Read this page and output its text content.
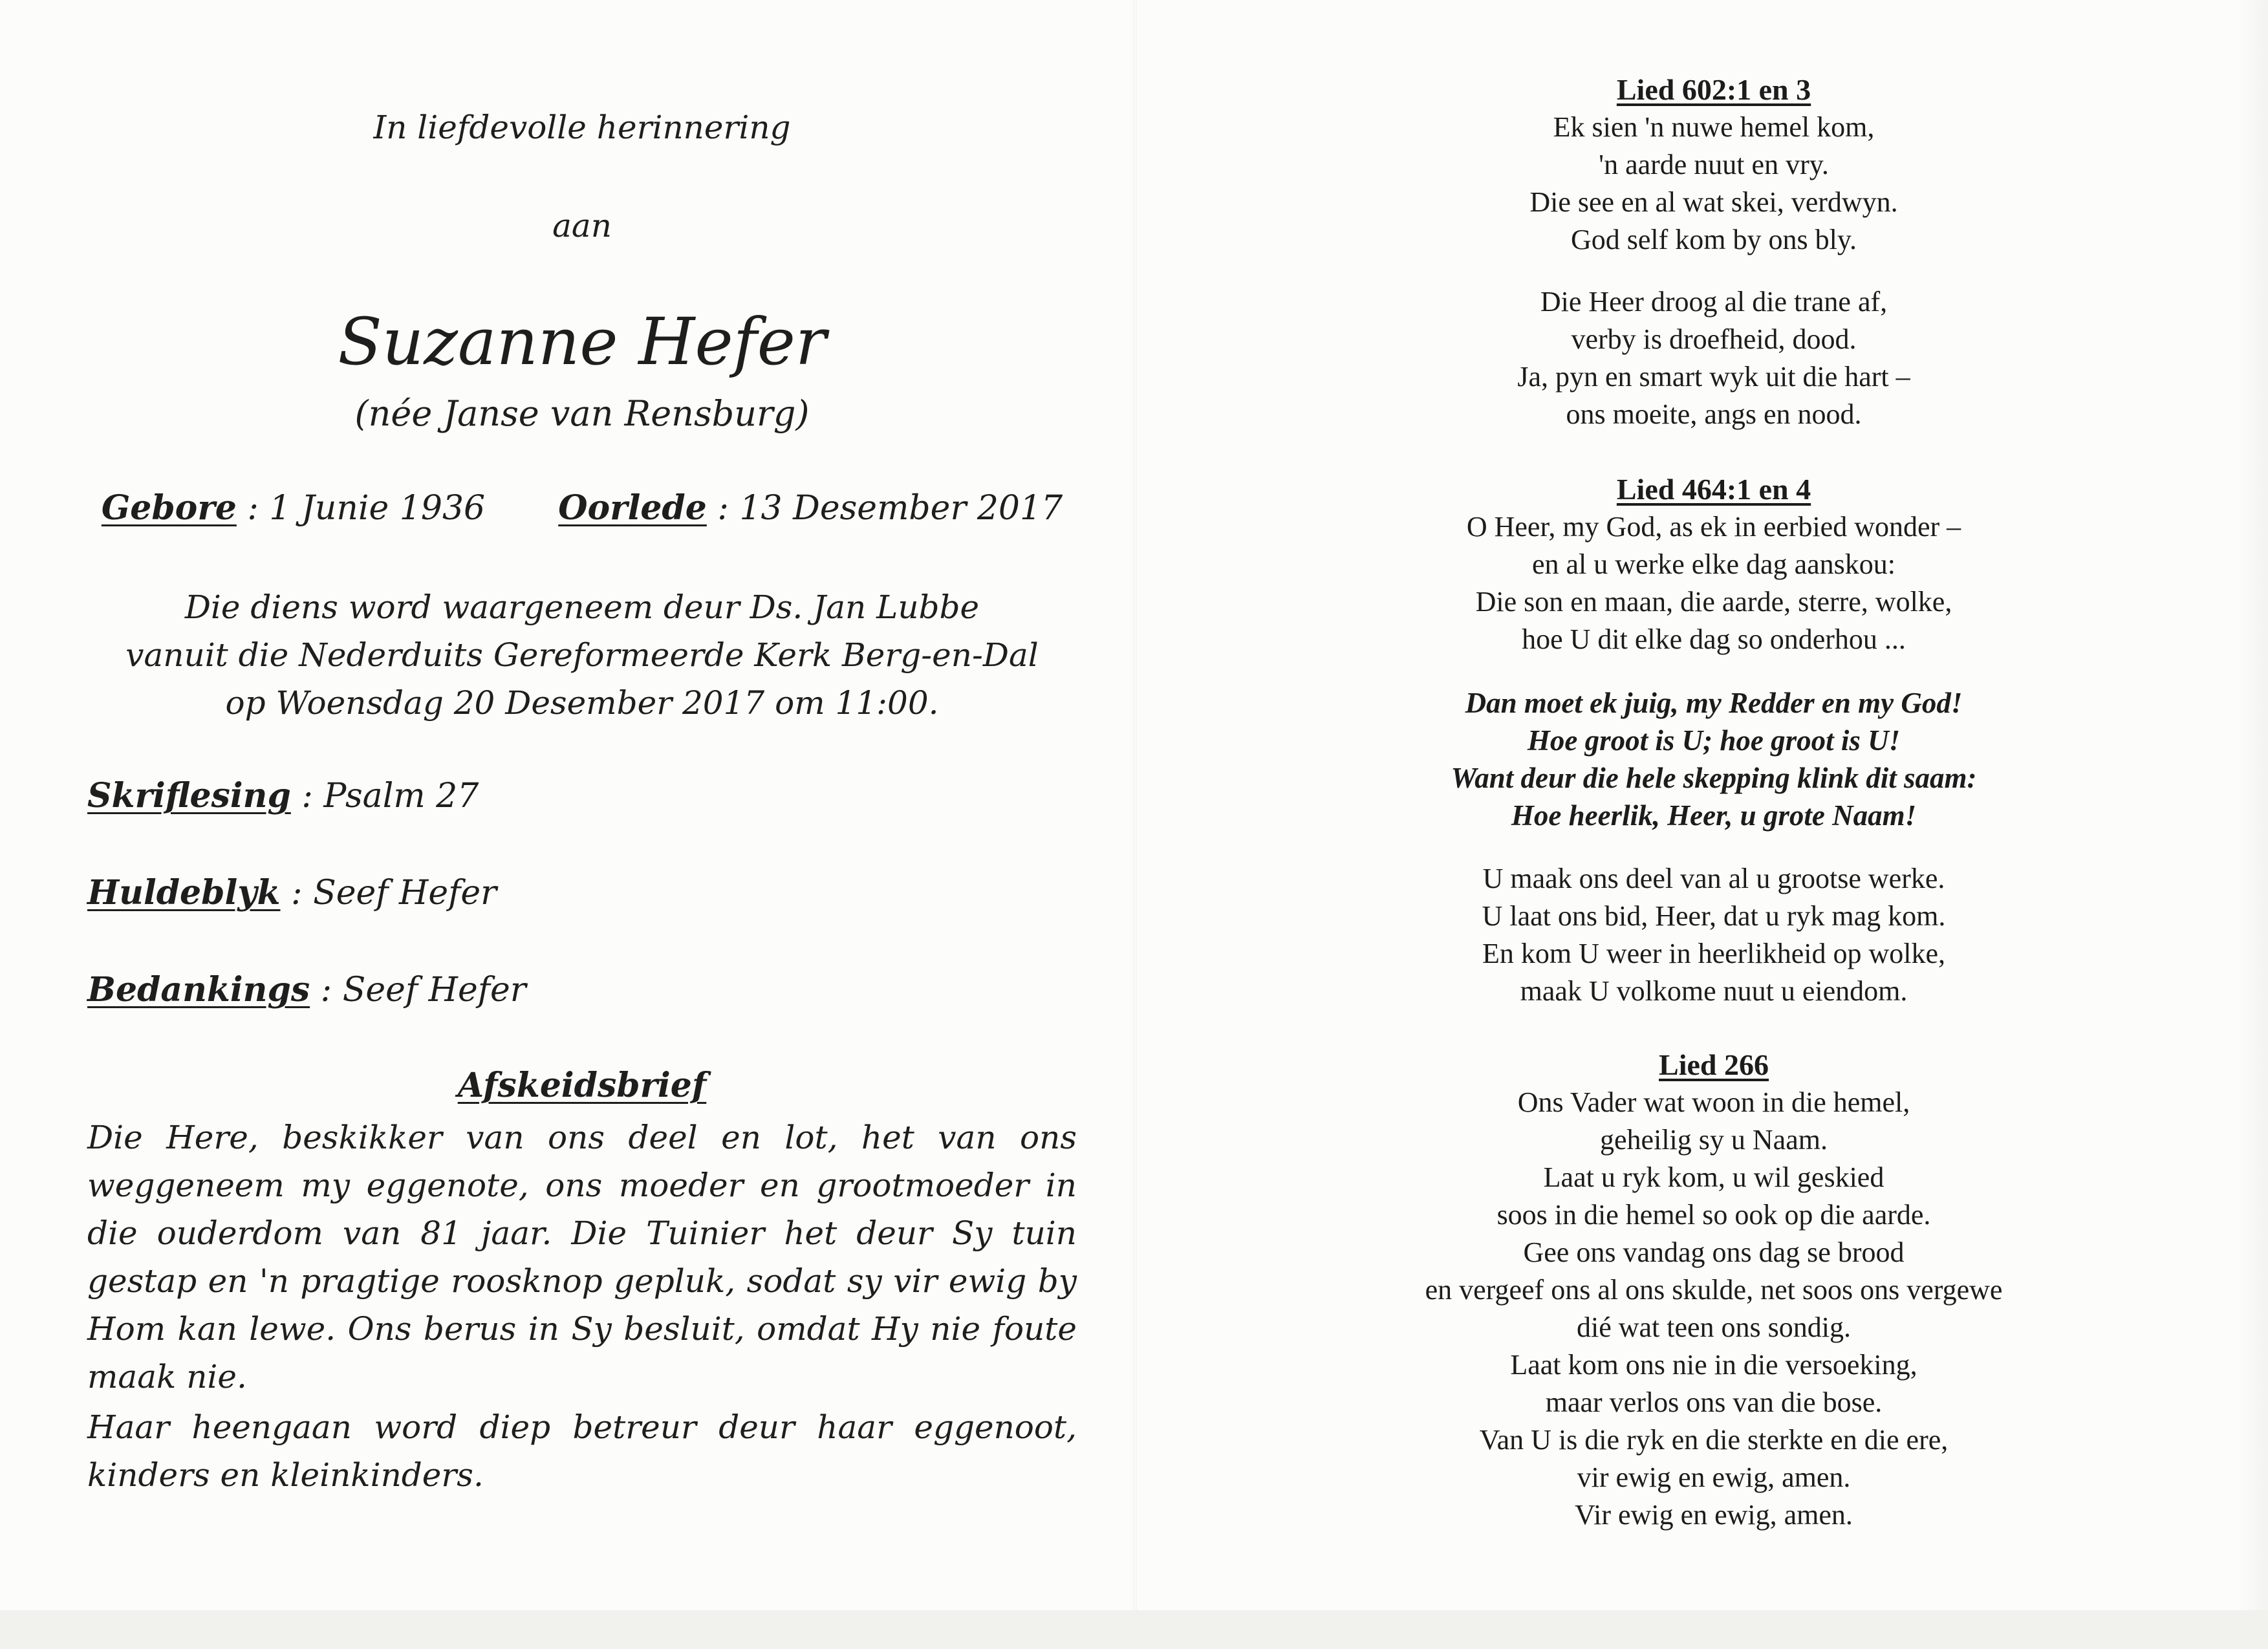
In liefdevolle herinnering
aan
Suzanne Hefer
(née Janse van Rensburg)
Gebore : 1 Junie 1936 Oorlede : 13 Desember 2017
Die diens word waargeneem deur Ds. Jan Lubbe
vanuit die Nederduits Gereformeerde Kerk Berg-en-Dal
op Woensdag 20 Desember 2017 om 11:00.
Skriflesing : Psalm 27
Huldeblyk : Seef Hefer
Bedankings : Seef Hefer
Afskeidsbrief
Die Here, beskikker van ons deel en lot, het van ons weggeneem my eggenote, ons moeder en grootmoeder in die ouderdom van 81 jaar. Die Tuinier het deur Sy tuin gestap en 'n pragtige roosknop gepluk, sodat sy vir ewig by Hom kan lewe. Ons berus in Sy besluit, omdat Hy nie foute maak nie.
Haar heengaan word diep betreur deur haar eggenoot, kinders en kleinkinders.
Lied 602:1 en 3
Ek sien 'n nuwe hemel kom,
'n aarde nuut en vry.
Die see en al wat skei, verdwyn.
God self kom by ons bly.
Die Heer droog al die trane af,
verby is droefheid, dood.
Ja, pyn en smart wyk uit die hart –
ons moeite, angs en nood.
Lied 464:1 en 4
O Heer, my God, as ek in eerbied wonder –
en al u werke elke dag aanskou:
Die son en maan, die aarde, sterre, wolke,
hoe U dit elke dag so onderhou ...
Dan moet ek juig, my Redder en my God!
Hoe groot is U; hoe groot is U!
Want deur die hele skepping klink dit saam:
Hoe heerlik, Heer, u grote Naam!
U maak ons deel van al u grootse werke.
U laat ons bid, Heer, dat u ryk mag kom.
En kom U weer in heerlikheid op wolke,
maak U volkome nuut u eiendom.
Lied 266
Ons Vader wat woon in die hemel,
geheilig sy u Naam.
Laat u ryk kom, u wil geskied
soos in die hemel so ook op die aarde.
Gee ons vandag ons dag se brood
en vergeef ons al ons skulde, net soos ons vergewe
dié wat teen ons sondig.
Laat kom ons nie in die versoeking,
maar verlos ons van die bose.
Van U is die ryk en die sterkte en die ere,
vir ewig en ewig, amen.
Vir ewig en ewig, amen.
